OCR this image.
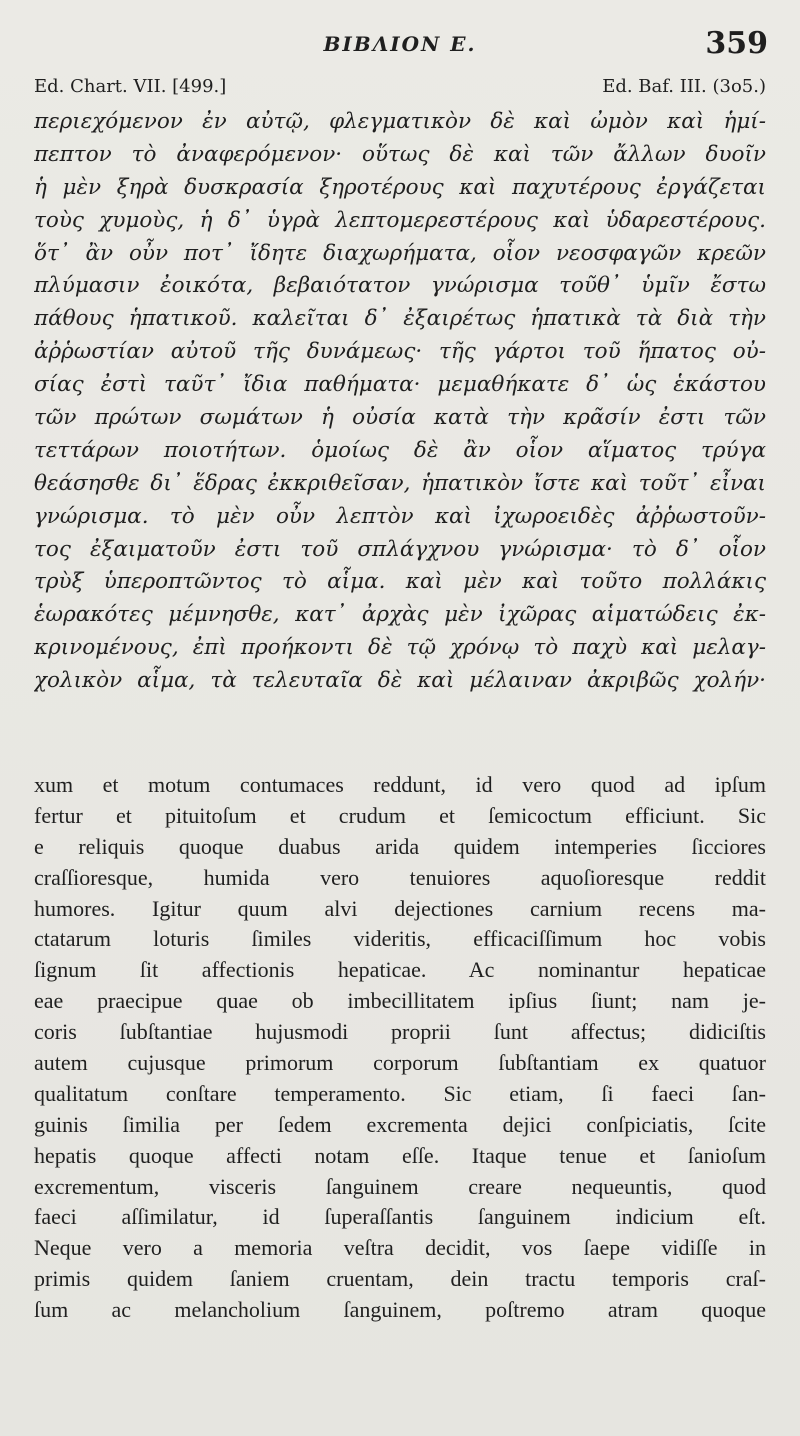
BIBΛΙΟΝ E.	359
Ed. Chart. VII. [499.]	Ed. Baf. III. (3o5.)
περιεχόμενον ἐν αὐτῷ, φλεγματικὸν δὲ καὶ ὠμὸν καὶ ἡμί-
πεπτον τὸ ἀναφερόμενον· οὕτως δὲ καὶ τῶν ἄλλων δυοῖν
ἡ μὲν ξηρὰ δυσκρασία ξηροτέρους καὶ παχυτέρους ἐργάζεται
τοὺς χυμοὺς, ἡ δ᾽ ὑγρὰ λεπτομερεστέρους καὶ ὑδαρεστέρους.
ὅτ᾽ ἂν οὖν ποτ᾽ ἴδητε διαχωρήματα, οἷον νεοσφαγῶν κρεῶν
πλύμασιν ἐοικότα, βεβαιότατον γνώρισμα τοῦθ᾽ ὑμῖν ἔστω
πάθους ἡπατικοῦ. καλεῖται δ᾽ ἐξαιρέτως ἡπατικὰ τὰ διὰ τὴν
ἀῤῥωστίαν αὐτοῦ τῆς δυνάμεως· τῆς γάρτοι τοῦ ἥπατος οὐ-
σίας ἐστὶ ταῦτ᾽ ἴδια παθήματα· μεμαθήκατε δ᾽ ὡς ἑκάστου
τῶν πρώτων σωμάτων ἡ οὐσία κατὰ τὴν κρᾶσίν ἐστι τῶν
τεττάρων ποιοτήτων. ὁμοίως δὲ ἂν οἷον αἵματος τρύγα
θεάσησθε δι᾽ ἕδρας ἐκκριθεῖσαν, ἡπατικὸν ἴστε καὶ τοῦτ᾽ εἶναι
γνώρισμα. τὸ μὲν οὖν λεπτὸν καὶ ἰχωροειδὲς ἀῤῥωστοῦν-
τος ἐξαιματοῦν ἐστι τοῦ σπλάγχνου γνώρισμα· τὸ δ᾽ οἷον
τρὺξ ὑπεροπτῶντος τὸ αἷμα. καὶ μὲν καὶ τοῦτο πολλάκις
ἑωρακότες μέμνησθε, κατ᾽ ἀρχὰς μὲν ἰχῶρας αἱματώδεις ἐκ-
κρινομένους, ἐπὶ προήκοντι δὲ τῷ χρόνῳ τὸ παχὺ καὶ μελαγ-
χολικὸν αἷμα, τὰ τελευταῖα δὲ καὶ μέλαιναν ἀκριβῶς χολήν·
xum et motum contumaces reddunt, id vero quod ad ipſum
fertur et pituitoſum et crudum et ſemicoctum efficiunt. Sic
e reliquis quoque duabus arida quidem intemperies ſicciores
craſſioresque, humida vero tenuiores aquoſioresque reddit
humores. Igitur quum alvi dejectiones carnium recens ma-
ctatarum loturis ſimiles videritis, efficaciſſimum hoc vobis
ſignum ſit affectionis hepaticae. Ac nominantur hepaticae
eae praecipue quae ob imbecillitatem ipſius ſiunt; nam je-
coris ſubſtantiae hujusmodi proprii ſunt affectus; didiciſtis
autem cujusque primorum corporum ſubſtantiam ex quatuor
qualitatum conſtare temperamento. Sic etiam, ſi faeci ſan-
guinis ſimilia per ſedem excrementa dejici conſpiciatis, ſcite
hepatis quoque affecti notam eſſe. Itaque tenue et ſanioſum
excrementum, visceris ſanguinem creare nequeuntis, quod
faeci aſſimilatur, id ſuperaſſantis ſanguinem indicium eſt.
Neque vero a memoria veſtra decidit, vos ſaepe vidiſſe in
primis quidem ſaniem cruentam, dein tractu temporis craſ-
ſum ac melancholium ſanguinem, poſtremo atram quoque
